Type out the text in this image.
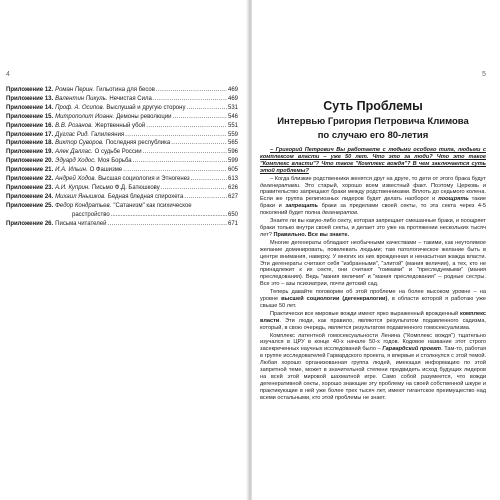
4
Приложение 12. Роман Перин. Гильотина для бесов .....	469
Приложение 13. Валентин Пикуль. Нечистая Сила .....	469
Приложение 14. Проф. А. Осипов. Выслушай и другую сторону .....	531
Приложение 15. Митрополит Иоанн. Демоны революции .....	546
Приложение 16. В.В. Розанов. Жертвенный убой .....	551
Приложение 17. Дуглас Рид. Галилеяния .....	559
Приложение 18. Виктор Суворов. Последняя республика .....	565
Приложение 19. Алек Даллас. О судьбе России .....	596
Приложение 20. Эдуард Ходос. Моя Борьба .....	599
Приложение 21. И.А. Ильин. О Фашизме .....	605
Приложение 22. Андрей Ходов. Высшая социология и Этногенез .....	613
Приложение 23. А.И. Куприн. Письмо Ф.Д. Батюшкову .....	626
Приложение 24. Михаил Янышков. Бедная бледная спирохета .....	627
Приложение 25. Федор Кондратьев. "Сатанизм" как психическое
расстройство .....	650
Приложение 26. Письма читателей .....	671
5
Суть Проблемы
Интервью Григория Петровича Климова
по случаю его 80-летия

– Григорий Петрович Вы работаете с людьми особого типа, людьми с комплексом власти – уже 50 лет. Что это за люди? Что это такое "Комплекс власти"? Что такое "Комплекс вождя"? В чем заключается суть этой проблемы?

– Когда близкие родственники женятся друг на друге, то дети от этого брака будут дегенератами. Это старый, хорошо всем известный факт. Поэтому Церковь и правительство запрещают браки между родственниками. Вплоть до седьмого колена. Если же группа религиозных лидеров будет делать наоборот и поощрять такие браки и запрещать браки за пределами своей секты, то эта секта через 4-5 поколений будет полна дегенератов.

Знаете ли вы какую-либо секту, которая запрещает смешанные браки, и поощряет браки только внутри своей секты, и делает это уже на протяжении нескольких тысяч лет? Правильно. Все вы знаете.

Многие дегенераты обладают необычными качествами – такими, как неутолимое желание доминировать, повелевать людьми; там патологическое желание быть в центре внимания, наверху. У многих из них врожденная и ненасытная жажда власти. Эти дегенераты считают себя "избранными", "элитой" (мания величия), а тех, кто не принадлежит к их секте, они считают "гоимами" и "преследуемыми" (мания преследования). Ведь "мания величия" и "мания преследования" – родные сестры. Все это – азы психиатрии, почти детский сад.

Теперь давайте поговорим об этой проблеме на более высоком уровне – на уровне высшей социологии (дегенералогии), в области которой я работаю уже свыше 50 лет.

Практически все мировые вожди имеют ярко выраженный врожденный комплекс власти. Эти люди, как правило, являются результатом подавленного садизма, который, в свою очередь, является результатом подавленного гомосексуализма.

Комплекс латентной гомосексуальности Ленина ("Комплекс вождя") тщательно изучался в ЦРУ в конце 40-х начале 50-х годов. Кодовое название этот строго засекреченных научных исследований было – Гарвардский проект. Там-то, работая в группе исследователей Гарвардского проекта, я впервые и столкнулся с этой темой. Любая хорошо организованная группа людей, имеющая информацию по этой запретной теме, может в значительной степени предвидеть исход будущих лидеров на всей этой мировой шахматной игре. Само собой разумеется, что вожди дегенеративной секты, хорошо знающие эту проблему на своей собственной шкуре и практикующие в ней уже более трех тысяч лет, имеют гигантское преимущество над всеми остальными, кто этой проблемы не знает.
